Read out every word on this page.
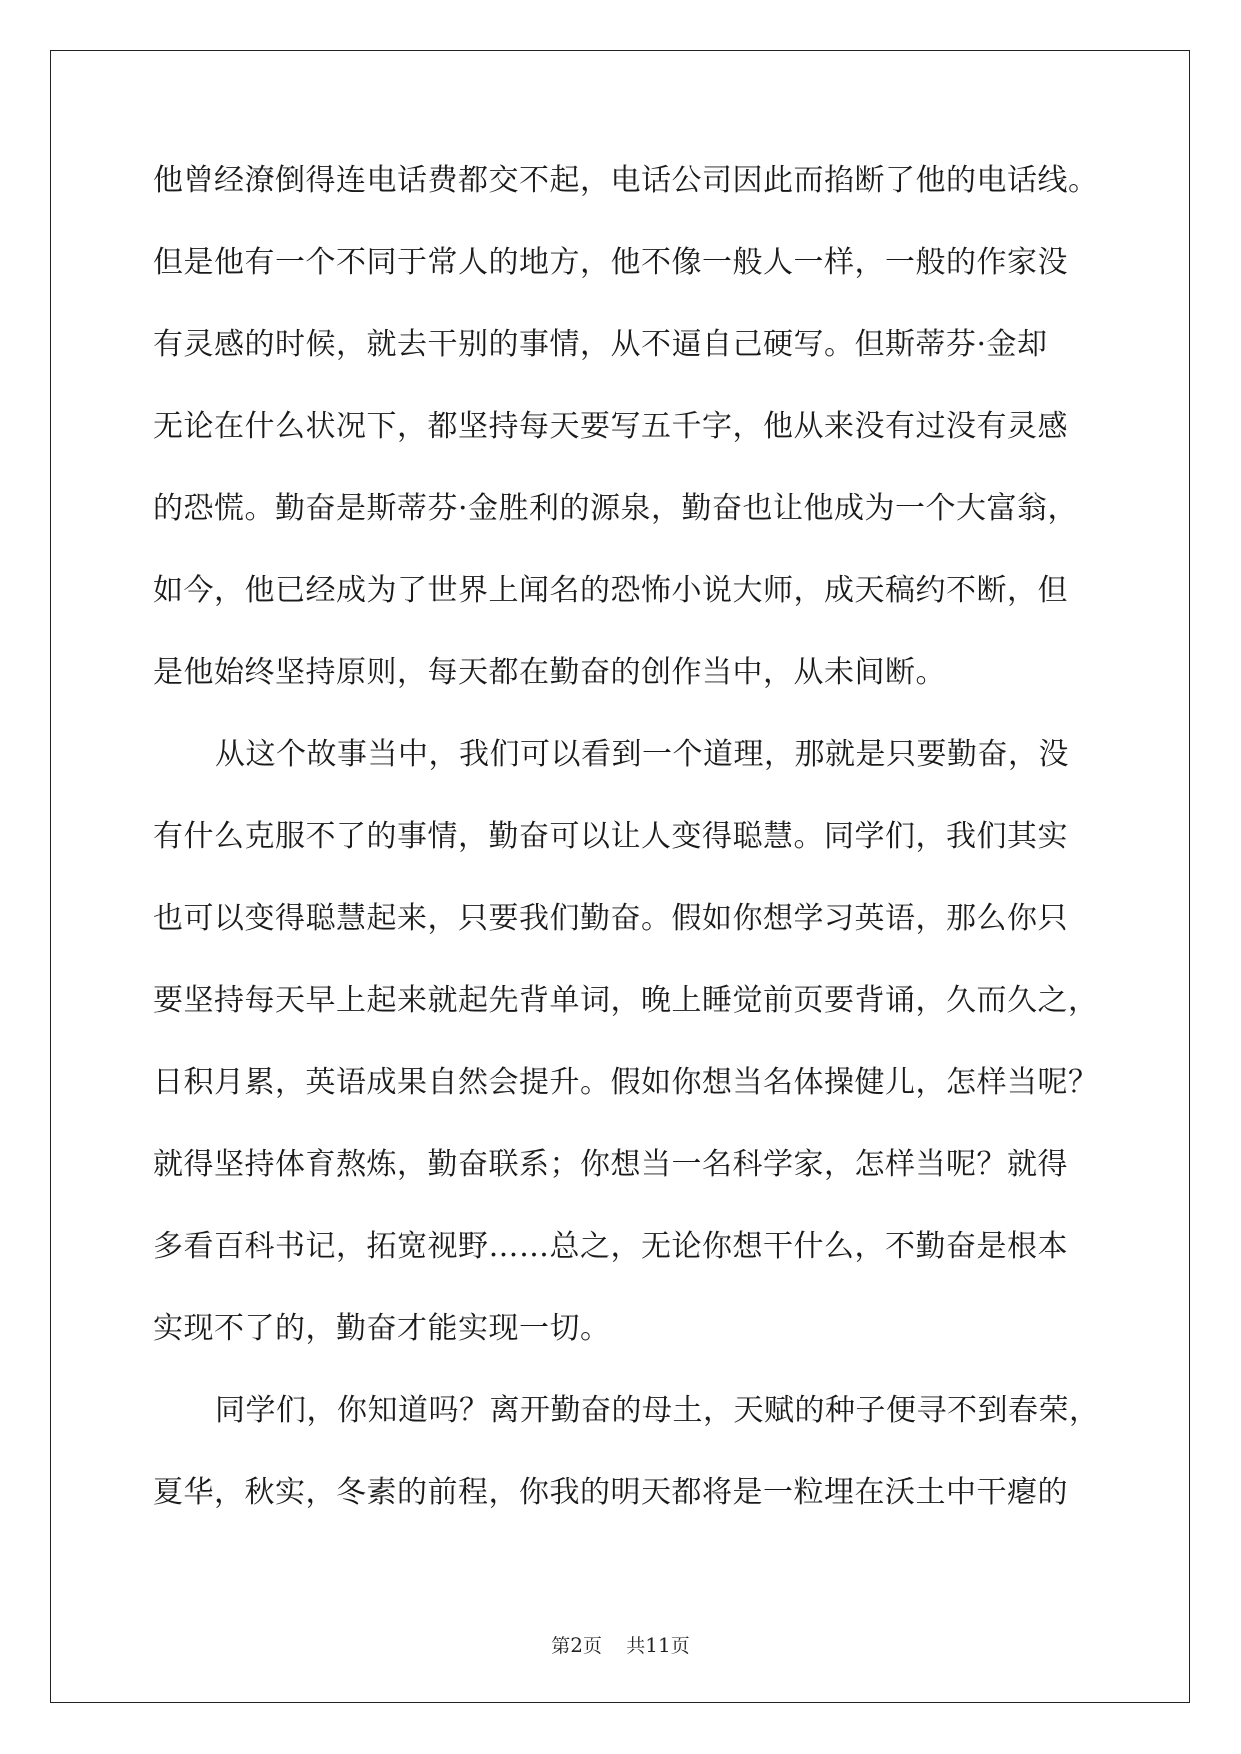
他曾经潦倒得连电话费都交不起，电话公司因此而掐断了他的电话线。
但是他有一个不同于常人的地方，他不像一般人一样，一般的作家没
有灵感的时候，就去干别的事情，从不逼自己硬写。但斯蒂芬·金却
无论在什么状况下，都坚持每天要写五千字，他从来没有过没有灵感
的恐慌。勤奋是斯蒂芬·金胜利的源泉，勤奋也让他成为一个大富翁，
如今，他已经成为了世界上闻名的恐怖小说大师，成天稿约不断，但
是他始终坚持原则，每天都在勤奋的创作当中，从未间断。
从这个故事当中，我们可以看到一个道理，那就是只要勤奋，没
有什么克服不了的事情，勤奋可以让人变得聪慧。同学们，我们其实
也可以变得聪慧起来，只要我们勤奋。假如你想学习英语，那么你只
要坚持每天早上起来就起先背单词，晚上睡觉前页要背诵，久而久之，
日积月累，英语成果自然会提升。假如你想当名体操健儿，怎样当呢？
就得坚持体育熬炼，勤奋联系；你想当一名科学家，怎样当呢？就得
多看百科书记，拓宽视野……总之，无论你想干什么，不勤奋是根本
实现不了的，勤奋才能实现一切。
同学们，你知道吗？离开勤奋的母土，天赋的种子便寻不到春荣，
夏华，秋实，冬素的前程，你我的明天都将是一粒埋在沃土中干瘪的
第2页 共11页
